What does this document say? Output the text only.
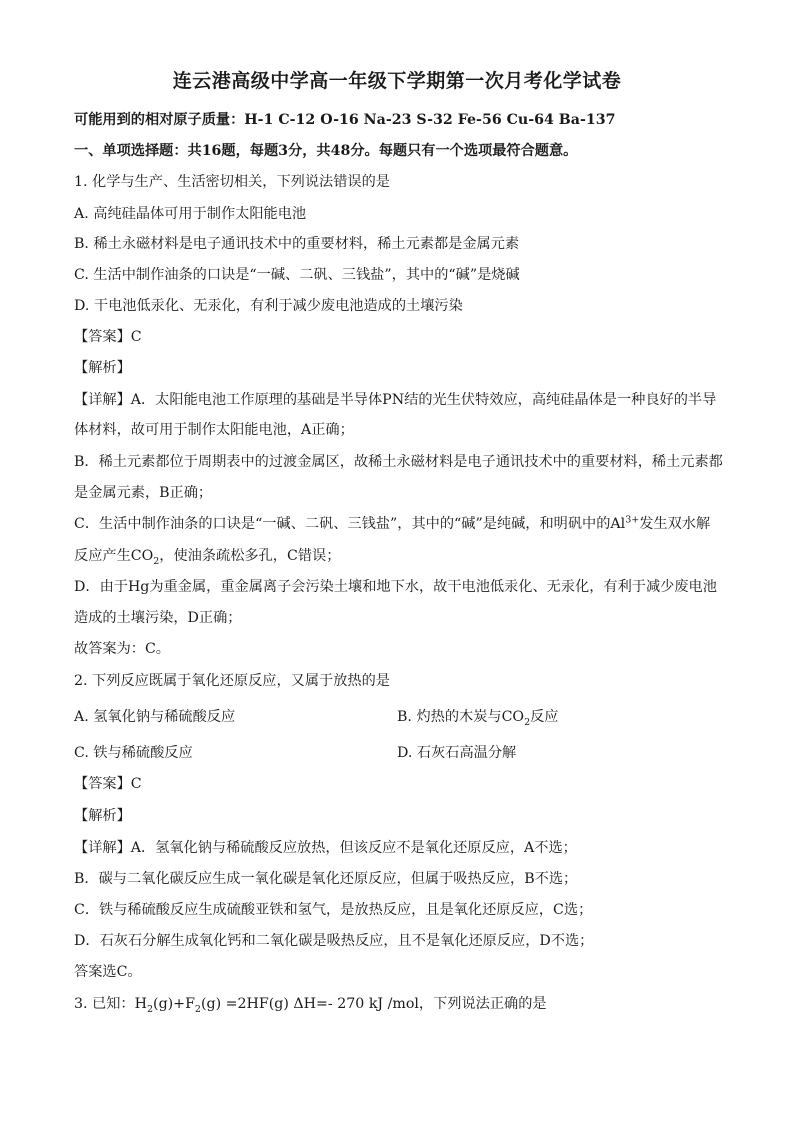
连云港高级中学高一年级下学期第一次月考化学试卷
可能用到的相对原子质量：H-1 C-12 O-16 Na-23 S-32 Fe-56 Cu-64 Ba-137
一、单项选择题：共16题，每题3分，共48分。每题只有一个选项最符合题意。
1. 化学与生产、生活密切相关，下列说法错误的是
A. 高纯硅晶体可用于制作太阳能电池
B. 稀土永磁材料是电子通讯技术中的重要材料，稀土元素都是金属元素
C. 生活中制作油条的口诀是“一碱、二矾、三钱盐”，其中的“碱”是烧碱
D. 干电池低汞化、无汞化，有利于减少废电池造成的土壤污染
【答案】C
【解析】
【详解】A．太阳能电池工作原理的基础是半导体PN结的光生伏特效应，高纯硅晶体是一种良好的半导
体材料，故可用于制作太阳能电池，A正确；
B．稀土元素都位于周期表中的过渡金属区，故稀土永磁材料是电子通讯技术中的重要材料，稀土元素都
是金属元素，B正确；
C．生活中制作油条的口诀是“一碱、二矾、三钱盐”，其中的“碱”是纯碱，和明矾中的$Al^{3+}$发生双水解
反应产生$CO_2$，使油条疏松多孔，C错误；
D．由于Hg为重金属，重金属离子会污染土壤和地下水，故干电池低汞化、无汞化，有利于减少废电池
造成的土壤污染，D正确；
故答案为：C。
2. 下列反应既属于氧化还原反应，又属于放热的是
A. 氢氧化钠与稀硫酸反应	B. 灼热的木炭与$CO_2$反应
C. 铁与稀硫酸反应	D. 石灰石高温分解
【答案】C
【解析】
【详解】A．氢氧化钠与稀硫酸反应放热，但该反应不是氧化还原反应，A不选；
B．碳与二氧化碳反应生成一氧化碳是氧化还原反应，但属于吸热反应，B不选；
C．铁与稀硫酸反应生成硫酸亚铁和氢气，是放热反应，且是氧化还原反应，C选；
D．石灰石分解生成氧化钙和二氧化碳是吸热反应，且不是氧化还原反应，D不选；
答案选C。
3. 已知：$H_2(g)+F_2(g) =2HF(g)$ ΔH=- 270 kJ /mol，下列说法正确的是
